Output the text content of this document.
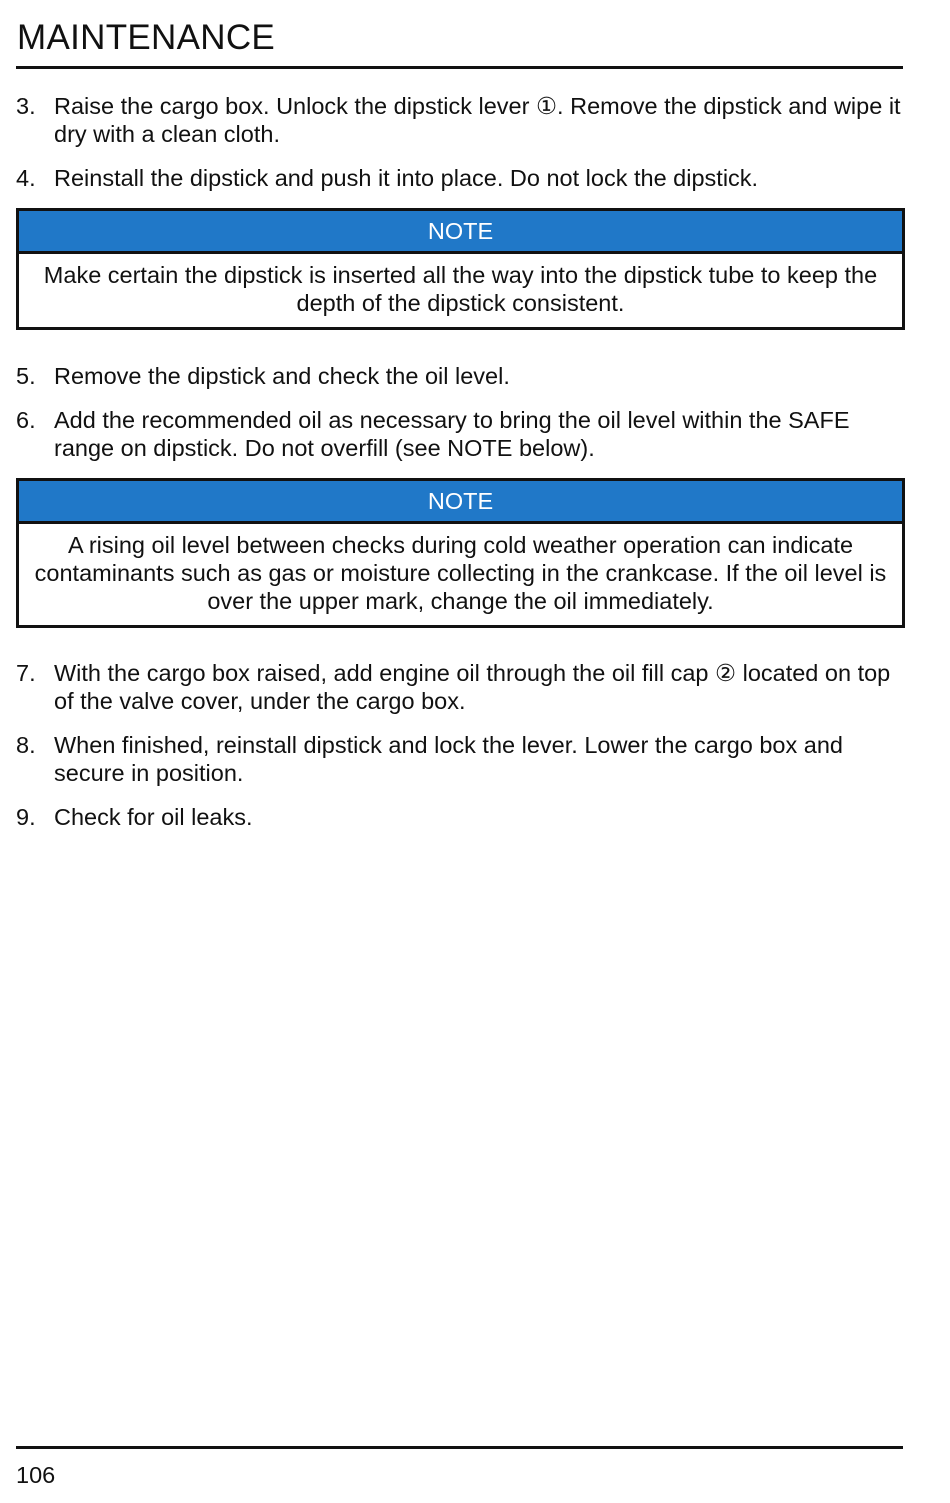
MAINTENANCE
3. Raise the cargo box. Unlock the dipstick lever ①. Remove the dipstick and wipe it dry with a clean cloth.
4. Reinstall the dipstick and push it into place. Do not lock the dipstick.
NOTE
Make certain the dipstick is inserted all the way into the dipstick tube to keep the depth of the dipstick consistent.
5. Remove the dipstick and check the oil level.
6. Add the recommended oil as necessary to bring the oil level within the SAFE range on dipstick. Do not overfill (see NOTE below).
NOTE
A rising oil level between checks during cold weather operation can indicate contaminants such as gas or moisture collecting in the crankcase. If the oil level is over the upper mark, change the oil immediately.
7. With the cargo box raised, add engine oil through the oil fill cap ② located on top of the valve cover, under the cargo box.
8. When finished, reinstall dipstick and lock the lever. Lower the cargo box and secure in position.
9. Check for oil leaks.
106
